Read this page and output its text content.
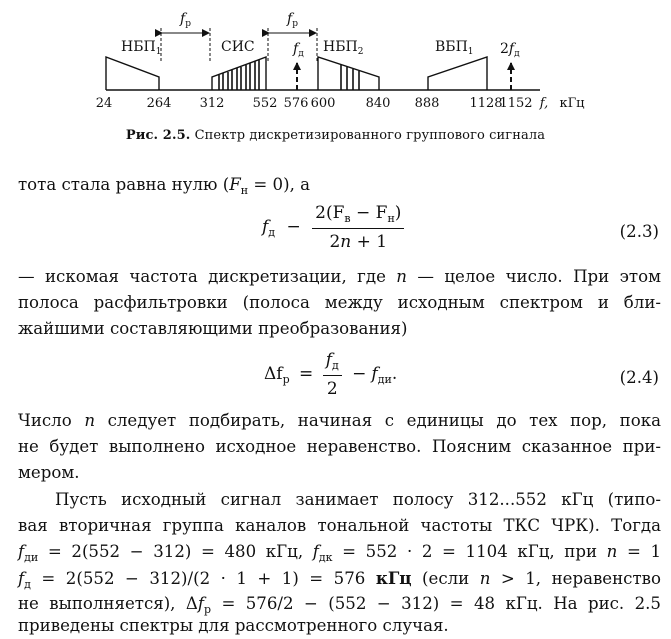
$НБП_1$	СИС	$НБП_2$	$ВБП_1$
$f_р$	$f_р$
$f_д$	$2f_д$
24	264 312 552 576 600 840 888 1128
1152 f, кГц
Рис. 2.5. Спектр дискретизированного группового сигнала
тота стала равна нулю $(F_н = 0)$, а
$f_д - \frac{2(F_в - F_н)}{2n + 1}$	(2.3)
— искомая частота дискретизации, где n — целое число. При этом
полоса расфильтровки (полоса между исходным спектром и бли-
жайшими составляющими преобразования)
$\Delta f_р = \frac{f_д}{2} - f_{ди}$.	(2.4)
Число n следует подбирать, начиная с единицы до тех пор, пока
не будет выполнено исходное неравенство. Поясним сказанное при-
мером.
Пусть исходный сигнал занимает полосу 312...552 кГц (типо-
вая вторичная группа каналов тональной частоты ТКС ЧРК). Тогда
$f_{ди} = 2(552 - 312) = 480$ кГц, $f_{дк} = 552 \cdot 2 = 1104$ кГц, при n = 1
$f_д = 2(552 - 312)/(2 \cdot 1 + 1) = 576$ кГц (если n > 1, неравенство
не выполняется), $\Delta f_р = 576/2 - (552 - 312) = 48$ кГц. На рис. 2.5
приведены спектры для рассмотренного случая.
